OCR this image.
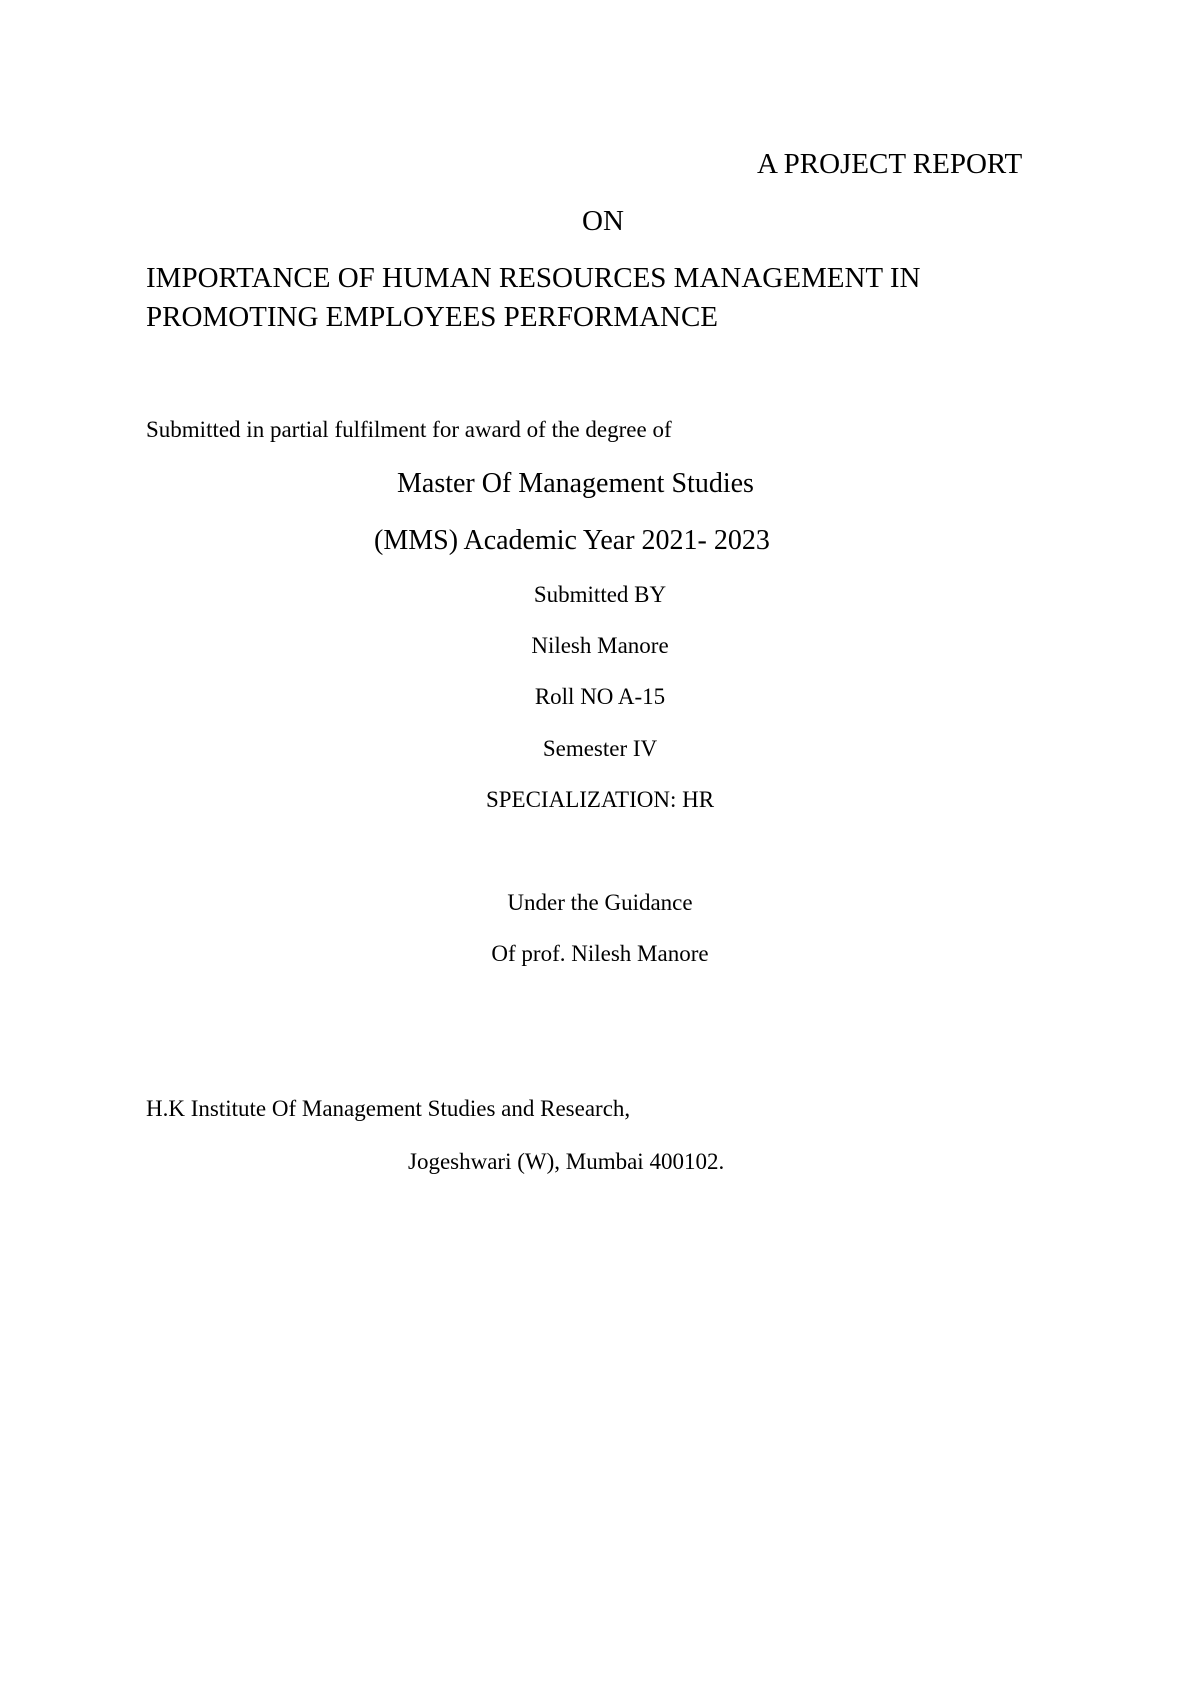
A PROJECT REPORT
ON
IMPORTANCE OF HUMAN RESOURCES MANAGEMENT IN
PROMOTING EMPLOYEES PERFORMANCE
Submitted in partial fulfilment for award of the degree of
Master Of Management Studies
(MMS) Academic Year 2021- 2023
Submitted BY
Nilesh Manore
Roll NO A-15
Semester IV
SPECIALIZATION: HR
Under the Guidance
Of prof. Nilesh Manore
H.K Institute Of Management Studies and Research,
Jogeshwari (W), Mumbai 400102.
